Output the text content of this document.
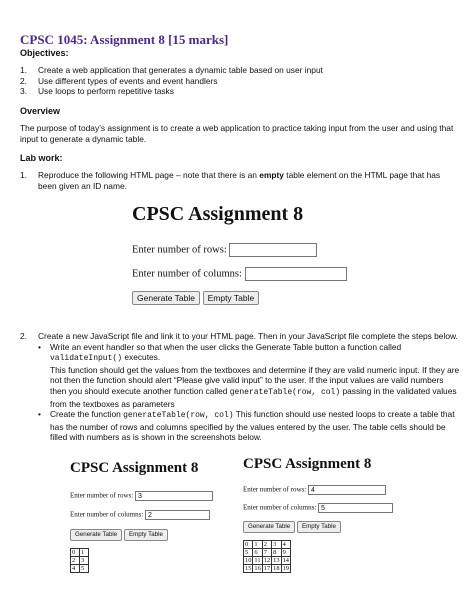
CPSC 1045: Assignment 8 [15 marks]
Objectives:
1. Create a web application that generates a dynamic table based on user input
2. Use different types of events and event handlers
3. Use loops to perform repetitive tasks
Overview
The purpose of today’s assignment is to create a web application to practice taking input from the user and using that input to generate a dynamic table.
Lab work:
1. Reproduce the following HTML page – note that there is an empty table element on the HTML page that has been given an ID name.
CPSC Assignment 8
Enter number of rows:
Enter number of columns:
Generate Table Empty Table
2. Create a new JavaScript file and link it to your HTML page. Then in your JavaScript file complete the steps below.
• Write an event handler so that when the user clicks the Generate Table button a function called validateInput() executes.
This function should get the values from the textboxes and determine if they are valid numeric input. If they are not then the function should alert “Please give valid input” to the user. If the input values are valid numbers then you should execute another function called generateTable(row, col) passing in the validated values from the textboxes as parameters
• Create the function generateTable(row, col) This function should use nested loops to create a table that has the number of rows and columns specified by the values entered by the user. The table cells should be filled with numbers as is shown in the screenshots below.
CPSC Assignment 8
Enter number of rows: 3
Enter number of columns: 2
Generate Table Empty Table
0	1
2	3
4	5
CPSC Assignment 8
Enter number of rows: 4
Enter number of columns: 5
Generate Table Empty Table
0	1	2	3	4
5	6	7	8	9
10	11	12	13	14
15	16	17	18	19
